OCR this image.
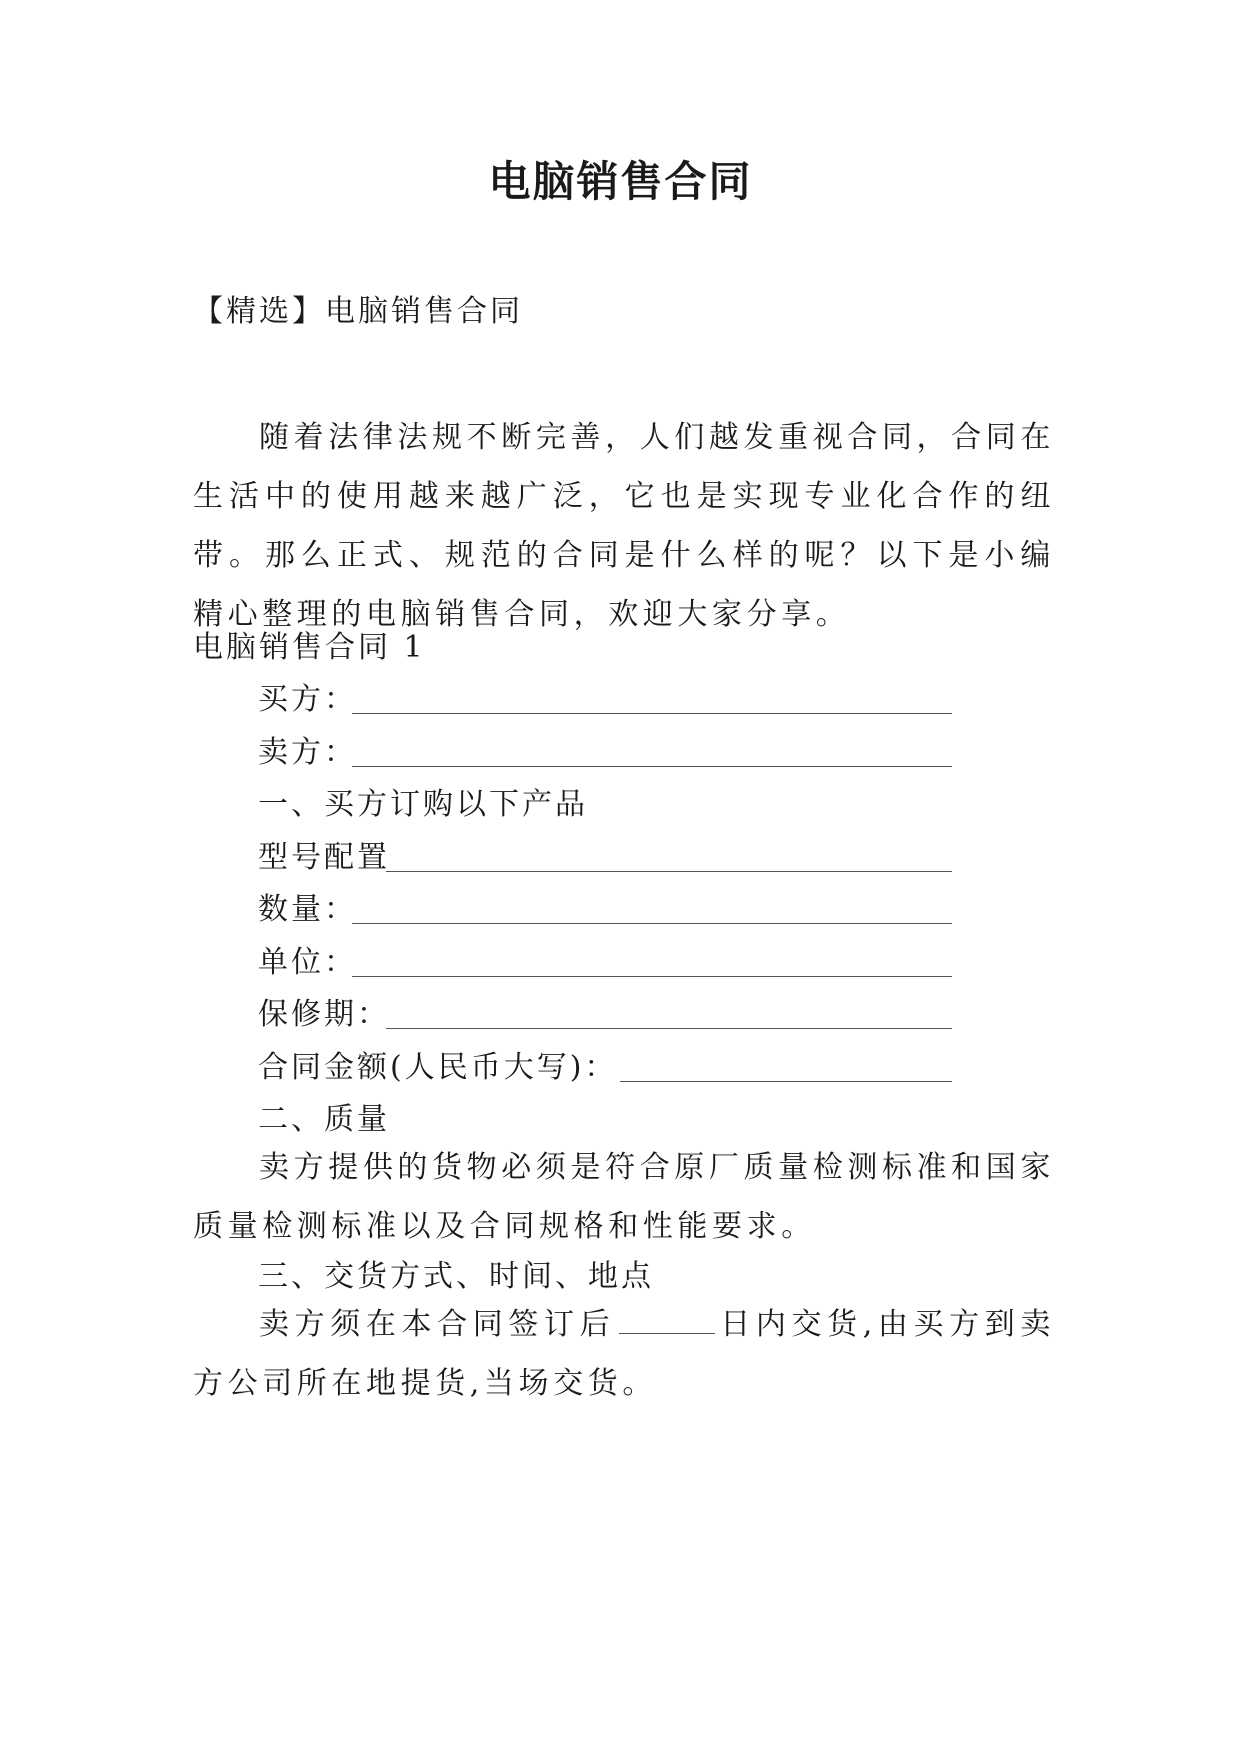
电脑销售合同
【精选】电脑销售合同

随着法律法规不断完善，人们越发重视合同，合同在生活中的使用越来越广泛，它也是实现专业化合作的纽带。那么正式、规范的合同是什么样的呢？以下是小编精心整理的电脑销售合同，欢迎大家分享。

电脑销售合同 1
买方：
卖方：
一、买方订购以下产品
型号配置
数量：
单位：
保修期：
合同金额(人民币大写)：
二、质量

卖方提供的货物必须是符合原厂质量检测标准和国家质量检测标准以及合同规格和性能要求。

三、交货方式、时间、地点

卖方须在本合同签订后	日内交货,由买方到卖方公司所在地提货,当场交货。
